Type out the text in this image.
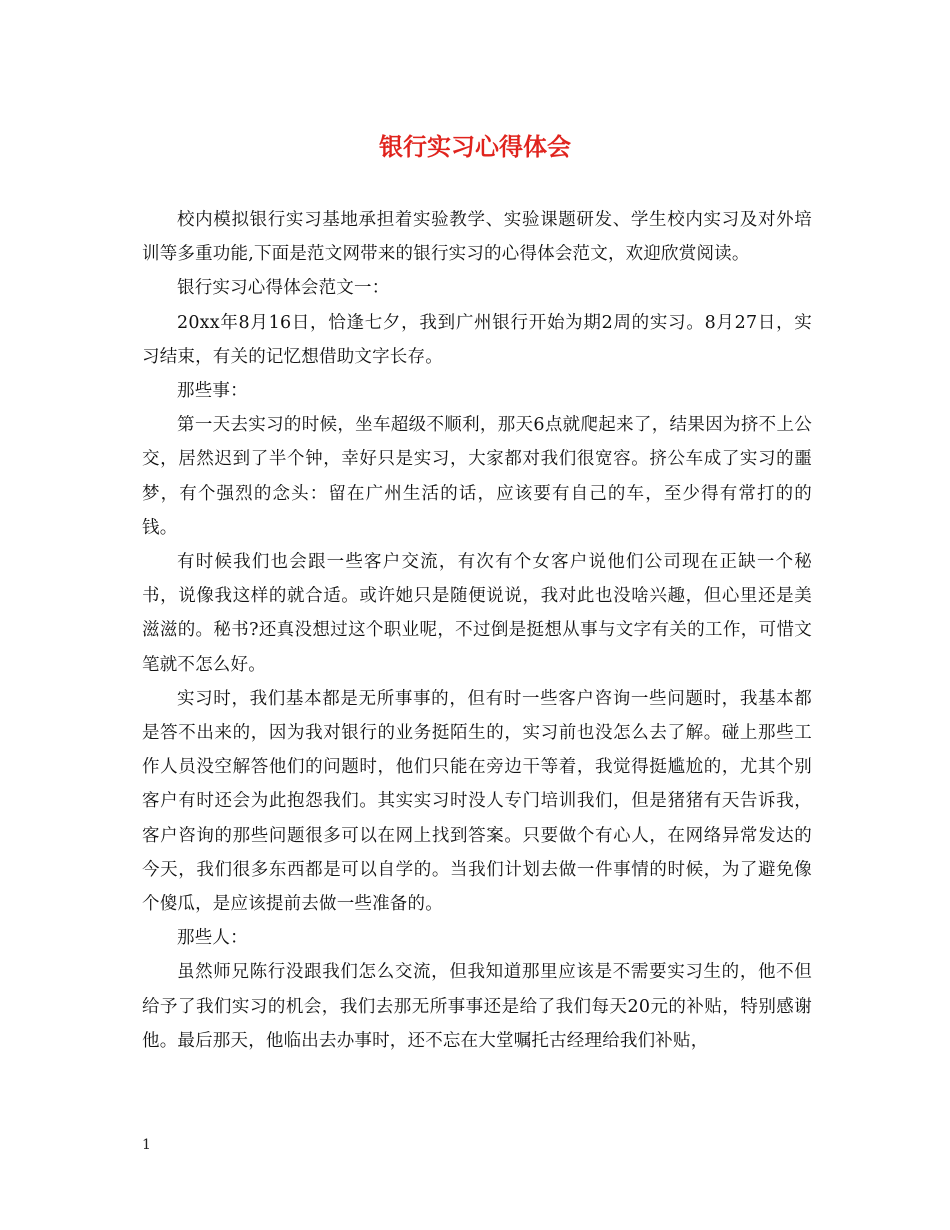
银行实习心得体会

校内模拟银行实习基地承担着实验教学、实验课题研发、学生校内实习及对外培训等多重功能,下面是范文网带来的银行实习的心得体会范文，欢迎欣赏阅读。

银行实习心得体会范文一：

20xx年8月16日，恰逢七夕，我到广州银行开始为期2周的实习。8月27日，实习结束，有关的记忆想借助文字长存。

那些事：

第一天去实习的时候，坐车超级不顺利，那天6点就爬起来了，结果因为挤不上公交，居然迟到了半个钟，幸好只是实习，大家都对我们很宽容。挤公车成了实习的噩梦，有个强烈的念头：留在广州生活的话，应该要有自己的车，至少得有常打的的钱。

有时候我们也会跟一些客户交流，有次有个女客户说他们公司现在正缺一个秘书，说像我这样的就合适。或许她只是随便说说，我对此也没啥兴趣，但心里还是美滋滋的。秘书?还真没想过这个职业呢，不过倒是挺想从事与文字有关的工作，可惜文笔就不怎么好。

实习时，我们基本都是无所事事的，但有时一些客户咨询一些问题时，我基本都是答不出来的，因为我对银行的业务挺陌生的，实习前也没怎么去了解。碰上那些工作人员没空解答他们的问题时，他们只能在旁边干等着，我觉得挺尴尬的，尤其个别客户有时还会为此抱怨我们。其实实习时没人专门培训我们，但是猪猪有天告诉我，客户咨询的那些问题很多可以在网上找到答案。只要做个有心人，在网络异常发达的今天，我们很多东西都是可以自学的。当我们计划去做一件事情的时候，为了避免像个傻瓜，是应该提前去做一些准备的。

那些人：

虽然师兄陈行没跟我们怎么交流，但我知道那里应该是不需要实习生的，他不但给予了我们实习的机会，我们去那无所事事还是给了我们每天20元的补贴，特别感谢他。最后那天，他临出去办事时，还不忘在大堂嘱托古经理给我们补贴，

1
